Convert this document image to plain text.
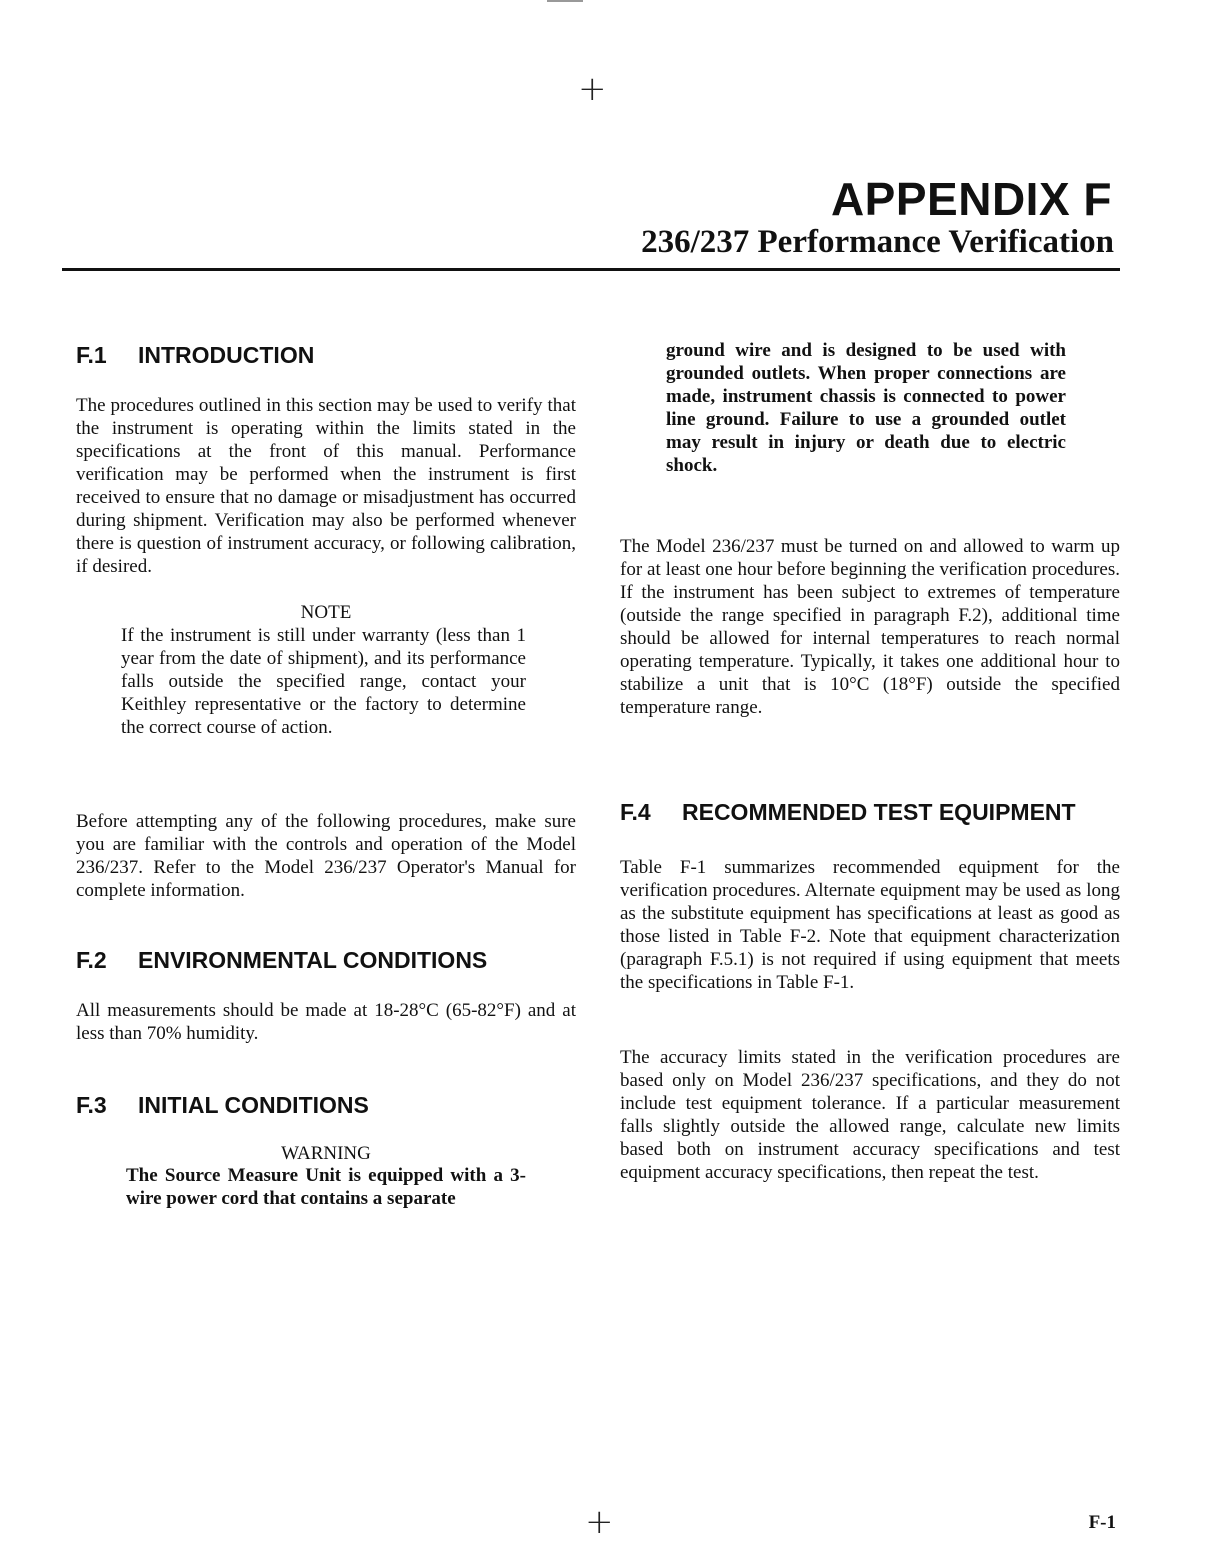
+
APPENDIX F
236/237 Performance Verification
F.1 INTRODUCTION

The procedures outlined in this section may be used to verify that the instrument is operating within the limits stated in the specifications at the front of this manual. Performance verification may be performed when the instrument is first received to ensure that no damage or misadjustment has occurred during shipment. Verification may also be performed whenever there is question of instrument accuracy, or following calibration, if desired.

NOTE

If the instrument is still under warranty (less than 1 year from the date of shipment), and its performance falls outside the specified range, contact your Keithley representative or the factory to determine the correct course of action.

Before attempting any of the following procedures, make sure you are familiar with the controls and operation of the Model 236/237. Refer to the Model 236/237 Operator's Manual for complete information.

F.2 ENVIRONMENTAL CONDITIONS

All measurements should be made at 18-28°C (65-82°F) and at less than 70% humidity.

F.3 INITIAL CONDITIONS
WARNING

The Source Measure Unit is equipped with a 3-wire power cord that contains a separate

ground wire and is designed to be used with grounded outlets. When proper connections are made, instrument chassis is connected to power line ground. Failure to use a grounded outlet may result in injury or death due to electric shock.

The Model 236/237 must be turned on and allowed to warm up for at least one hour before beginning the verification procedures. If the instrument has been subject to extremes of temperature (outside the range specified in paragraph F.2), additional time should be allowed for internal temperatures to reach normal operating temperature. Typically, it takes one additional hour to stabilize a unit that is 10°C (18°F) outside the specified temperature range.

F.4 RECOMMENDED TEST EQUIPMENT

Table F-1 summarizes recommended equipment for the verification procedures. Alternate equipment may be used as long as the substitute equipment has specifications at least as good as those listed in Table F-2. Note that equipment characterization (paragraph F.5.1) is not required if using equipment that meets the specifications in Table F-1.

The accuracy limits stated in the verification procedures are based only on Model 236/237 specifications, and they do not include test equipment tolerance. If a particular measurement falls slightly outside the allowed range, calculate new limits based both on instrument accuracy specifications and test equipment accuracy specifications, then repeat the test.

+	F-1
